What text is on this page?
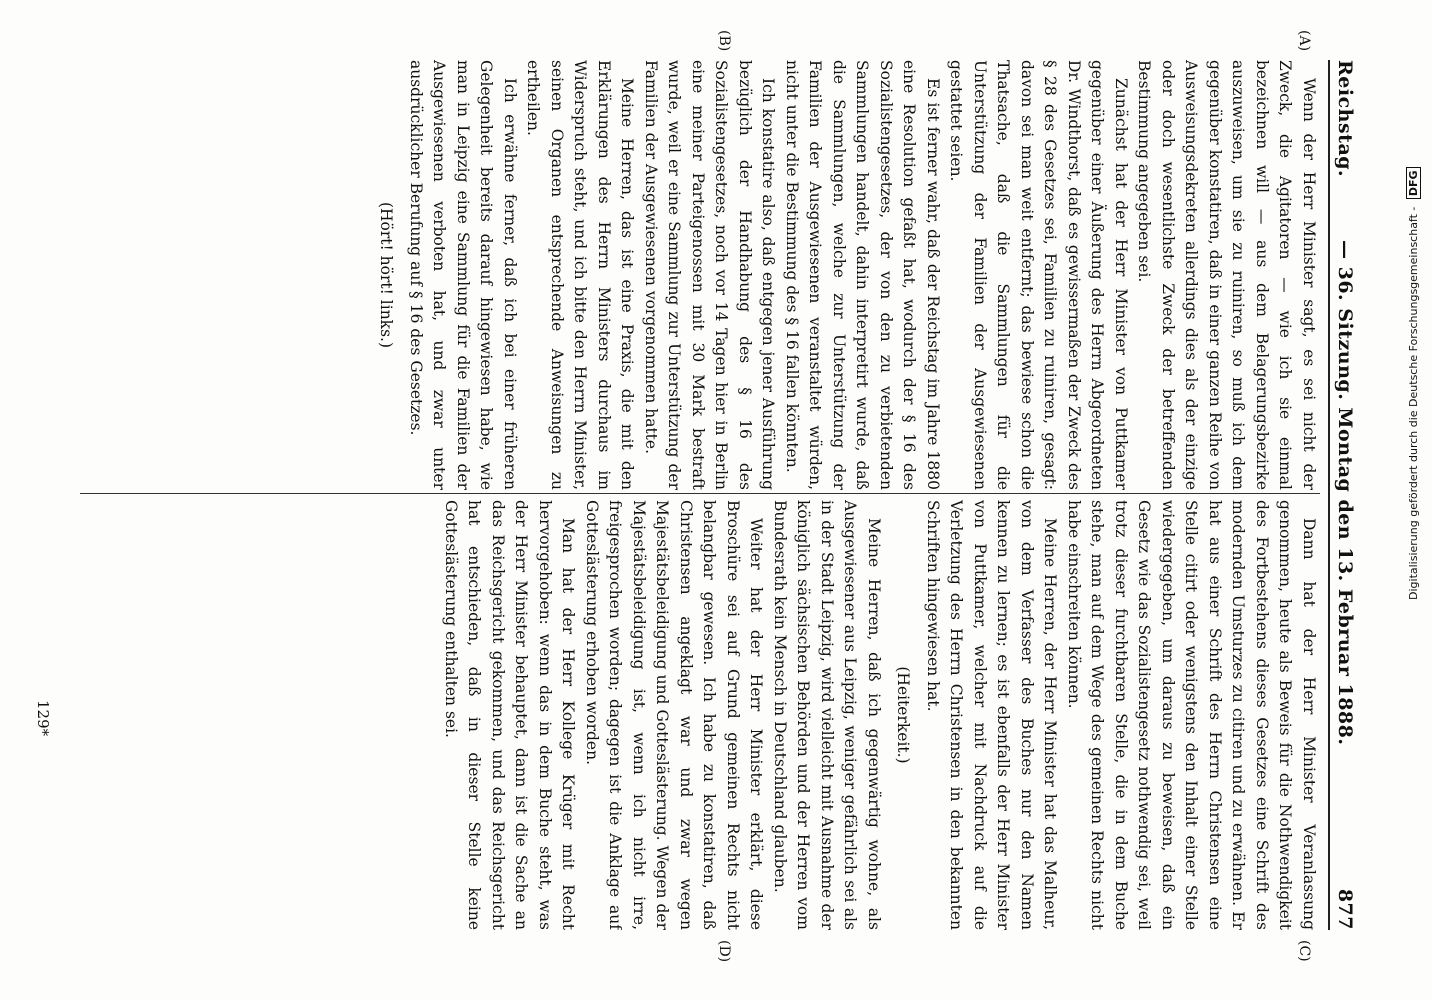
Reichstag.
— 36. Sitzung. Montag den 13. Februar 1888.
877
(A)
(B)
(C)
(D)

Wenn der Herr Minister sagt, es sei nicht der Zweck, die Agitatoren — wie ich sie einmal bezeichnen will — aus dem Belagerungsbezirke auszuweisen, um sie zu ruiniren, so muß ich dem gegenüber konstatiren, daß in einer ganzen Reihe von Ausweisungsdekreten allerdings dies als der einzige oder doch wesentlichste Zweck der betreffenden Bestimmung angegeben sei.

Zunächst hat der Herr Minister von Puttkamer gegenüber einer Äußerung des Herrn Abgeordneten Dr. Windthorst, daß es gewissermaßen der Zweck des § 28 des Gesetzes sei, Familien zu ruiniren, gesagt: davon sei man weit entfernt; das bewiese schon die Thatsache, daß die Sammlungen für die Unterstützung der Familien der Ausgewiesenen gestattet seien.

Es ist ferner wahr, daß der Reichstag im Jahre 1880 eine Resolution gefaßt hat, wodurch der § 16 des Sozialistengesetzes, der von den zu verbietenden Sammlungen handelt, dahin interpretirt wurde, daß die Sammlungen, welche zur Unterstützung der Familien der Ausgewiesenen veranstaltet würden, nicht unter die Bestimmung des § 16 fallen könnten.

Ich konstatire also, daß entgegen jener Ausführung bezüglich der Handhabung des § 16 des Sozialistengesetzes, noch vor 14 Tagen hier in Berlin eine meiner Parteigenossen mit 30 Mark bestraft wurde, weil er eine Sammlung zur Unterstützung der Familien der Ausgewiesenen vorgenommen hatte.

Meine Herren, das ist eine Praxis, die mit den Erklärungen des Herrn Ministers durchaus im Widerspruch steht, und ich bitte den Herrn Minister, seinen Organen entsprechende Anweisungen zu ertheilen.

Ich erwähne ferner, daß ich bei einer früheren Gelegenheit bereits darauf hingewiesen habe, wie man in Leipzig eine Sammlung für die Familien der Ausgewiesenen verboten hat, und zwar unter ausdrücklicher Berufung auf § 16 des Gesetzes.

(Hört! hört! links.)

Dann hat der Herr Minister Veranlassung genommen, heute als Beweis für die Nothwendigkeit des Fortbestehens dieses Gesetzes eine Schrift des modernden Umsturzes zu citiren und zu erwähnen. Er hat aus einer Schrift des Herrn Christensen eine Stelle citirt oder wenigstens den Inhalt einer Stelle wiedergegeben, um daraus zu beweisen, daß ein Gesetz wie das Sozialistengesetz nothwendig sei, weil trotz dieser furchtbaren Stelle, die in dem Buche stehe, man auf dem Wege des gemeinen Rechts nicht habe einschreiten können.

Meine Herren, der Herr Minister hat das Malheur, von dem Verfasser des Buches nur den Namen kennen zu lernen; es ist ebenfalls der Herr Minister von Puttkamer, welcher mit Nachdruck auf die Verletzung des Herrn Christensen in den bekannten Schriften hingewiesen hat.

(Heiterkeit.)

Meine Herren, daß ich gegenwärtig wohne, als Ausgewiesener aus Leipzig, weniger gefährlich sei als in der Stadt Leipzig, wird vielleicht mit Ausnahme der königlich sächsischen Behörden und der Herren vom Bundesrath kein Mensch in Deutschland glauben.

Weiter hat der Herr Minister erklärt, diese Broschüre sei auf Grund gemeinen Rechts nicht belangbar gewesen. Ich habe zu konstatiren, daß Christensen angeklagt war und zwar wegen Majestätsbeleidigung und Gotteslästerung. Wegen der Majestätsbeleidigung ist, wenn ich nicht irre, freigesprochen worden; dagegen ist die Anklage auf Gotteslästerung erhoben worden.

Man hat der Herr Kollege Krüger mit Recht hervorgehoben: wenn das in dem Buche steht, was der Herr Minister behauptet, dann ist die Sache an das Reichsgericht gekommen, und das Reichsgericht hat entschieden, daß in dieser Stelle keine Gotteslästerung enthalten sei.

129*
Digitalisierung gefördert durch die Deutsche Forschungsgemeinschaft - DFG
